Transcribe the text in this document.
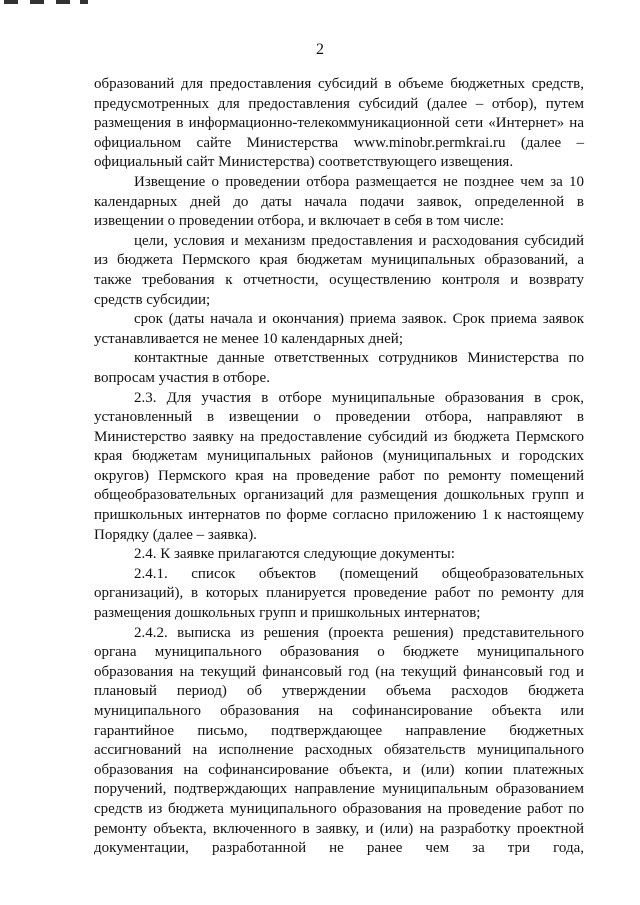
2

образований для предоставления субсидий в объеме бюджетных средств, предусмотренных для предоставления субсидий (далее – отбор), путем размещения в информационно-телекоммуникационной сети «Интернет» на официальном сайте Министерства www.minobr.permkrai.ru (далее – официальный сайт Министерства) соответствующего извещения.

Извещение о проведении отбора размещается не позднее чем за 10 календарных дней до даты начала подачи заявок, определенной в извещении о проведении отбора, и включает в себя в том числе:

цели, условия и механизм предоставления и расходования субсидий из бюджета Пермского края бюджетам муниципальных образований, а также требования к отчетности, осуществлению контроля и возврату средств субсидии;

срок (даты начала и окончания) приема заявок. Срок приема заявок устанавливается не менее 10 календарных дней;

контактные данные ответственных сотрудников Министерства по вопросам участия в отборе.

2.3. Для участия в отборе муниципальные образования в срок, установленный в извещении о проведении отбора, направляют в Министерство заявку на предоставление субсидий из бюджета Пермского края бюджетам муниципальных районов (муниципальных и городских округов) Пермского края на проведение работ по ремонту помещений общеобразовательных организаций для размещения дошкольных групп и пришкольных интернатов по форме согласно приложению 1 к настоящему Порядку (далее – заявка).

2.4. К заявке прилагаются следующие документы:

2.4.1. список объектов (помещений общеобразовательных организаций), в которых планируется проведение работ по ремонту для размещения дошкольных групп и пришкольных интернатов;

2.4.2. выписка из решения (проекта решения) представительного органа муниципального образования о бюджете муниципального образования на текущий финансовый год (на текущий финансовый год и плановый период) об утверждении объема расходов бюджета муниципального образования на софинансирование объекта или гарантийное письмо, подтверждающее направление бюджетных ассигнований на исполнение расходных обязательств муниципального образования на софинансирование объекта, и (или) копии платежных поручений, подтверждающих направление муниципальным образованием средств из бюджета муниципального образования на проведение работ по ремонту объекта, включенного в заявку, и (или) на разработку проектной документации, разработанной не ранее чем за три года,
